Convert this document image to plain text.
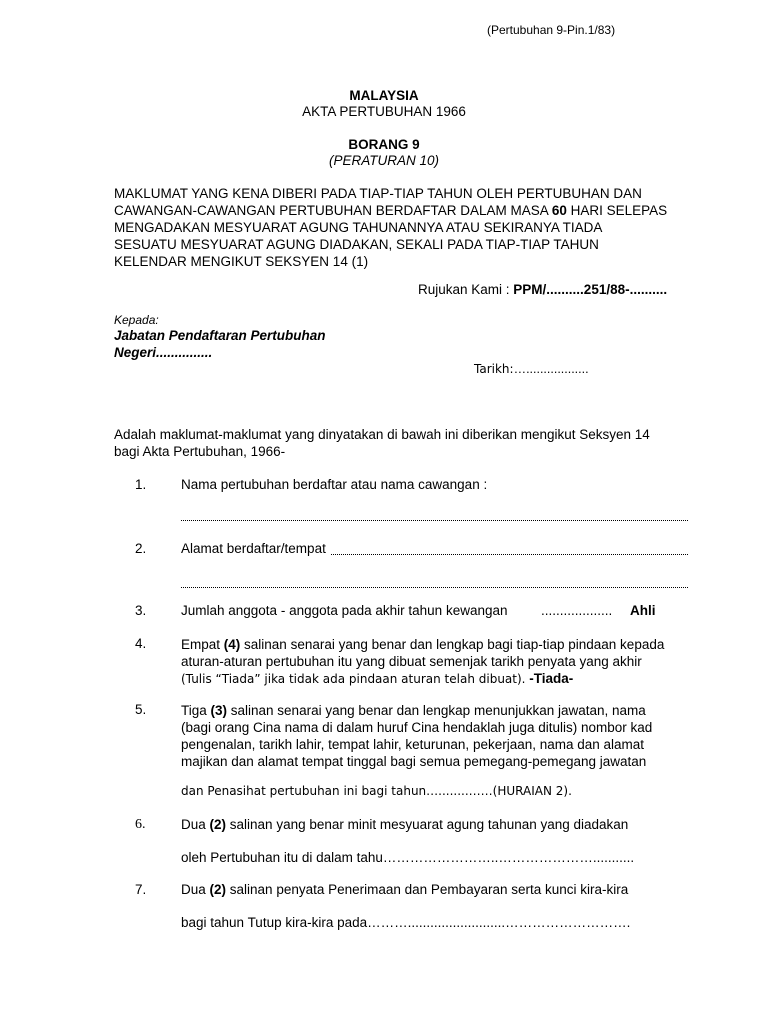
(Pertubuhan 9-Pin.1/83)
MALAYSIA
AKTA PERTUBUHAN 1966
BORANG 9
(PERATURAN 10)
MAKLUMAT YANG KENA DIBERI PADA TIAP-TIAP TAHUN OLEH PERTUBUHAN DAN
CAWANGAN-CAWANGAN PERTUBUHAN BERDAFTAR DALAM MASA 60 HARI SELEPAS
MENGADAKAN MESYUARAT AGUNG TAHUNANNYA ATAU SEKIRANYA TIADA
SESUATU MESYUARAT AGUNG DIADAKAN, SEKALI PADA TIAP-TIAP TAHUN
KELENDAR MENGIKUT SEKSYEN 14 (1)
Rujukan Kami : PPM/..........251/88-..........
Kepada:
Jabatan Pendaftaran Pertubuhan
Negeri...............
Tarikh:…..................
Adalah maklumat-maklumat yang dinyatakan di bawah ini diberikan mengikut Seksyen 14
bagi Akta Pertubuhan, 1966-
1.	Nama pertubuhan berdaftar atau nama cawangan :
2.	Alamat berdaftar/tempat
3.	Jumlah anggota - anggota pada akhir tahun kewangan ................... Ahli
4.	Empat (4) salinan senarai yang benar dan lengkap bagi tiap-tiap pindaan kepada
aturan-aturan pertubuhan itu yang dibuat semenjak tarikh penyata yang akhir
(Tulis “Tiada” jika tidak ada pindaan aturan telah dibuat). -Tiada-
5.	Tiga (3) salinan senarai yang benar dan lengkap menunjukkan jawatan, nama
(bagi orang Cina nama di dalam huruf Cina hendaklah juga ditulis) nombor kad
pengenalan, tarikh lahir, tempat lahir, keturunan, pekerjaan, nama dan alamat
majikan dan alamat tempat tinggal bagi semua pemegang-pemegang jawatan
dan Penasihat pertubuhan ini bagi tahun…........……(HURAIAN 2).
6.	Dua (2) salinan yang benar minit mesyuarat agung tahunan yang diadakan
oleh Pertubuhan itu di dalam tahu……………………..…………………...........
7.	Dua (2) salinan penyata Penerimaan dan Pembayaran serta kunci kira-kira
bagi tahun Tutup kira-kira pada………..........................……………………….
